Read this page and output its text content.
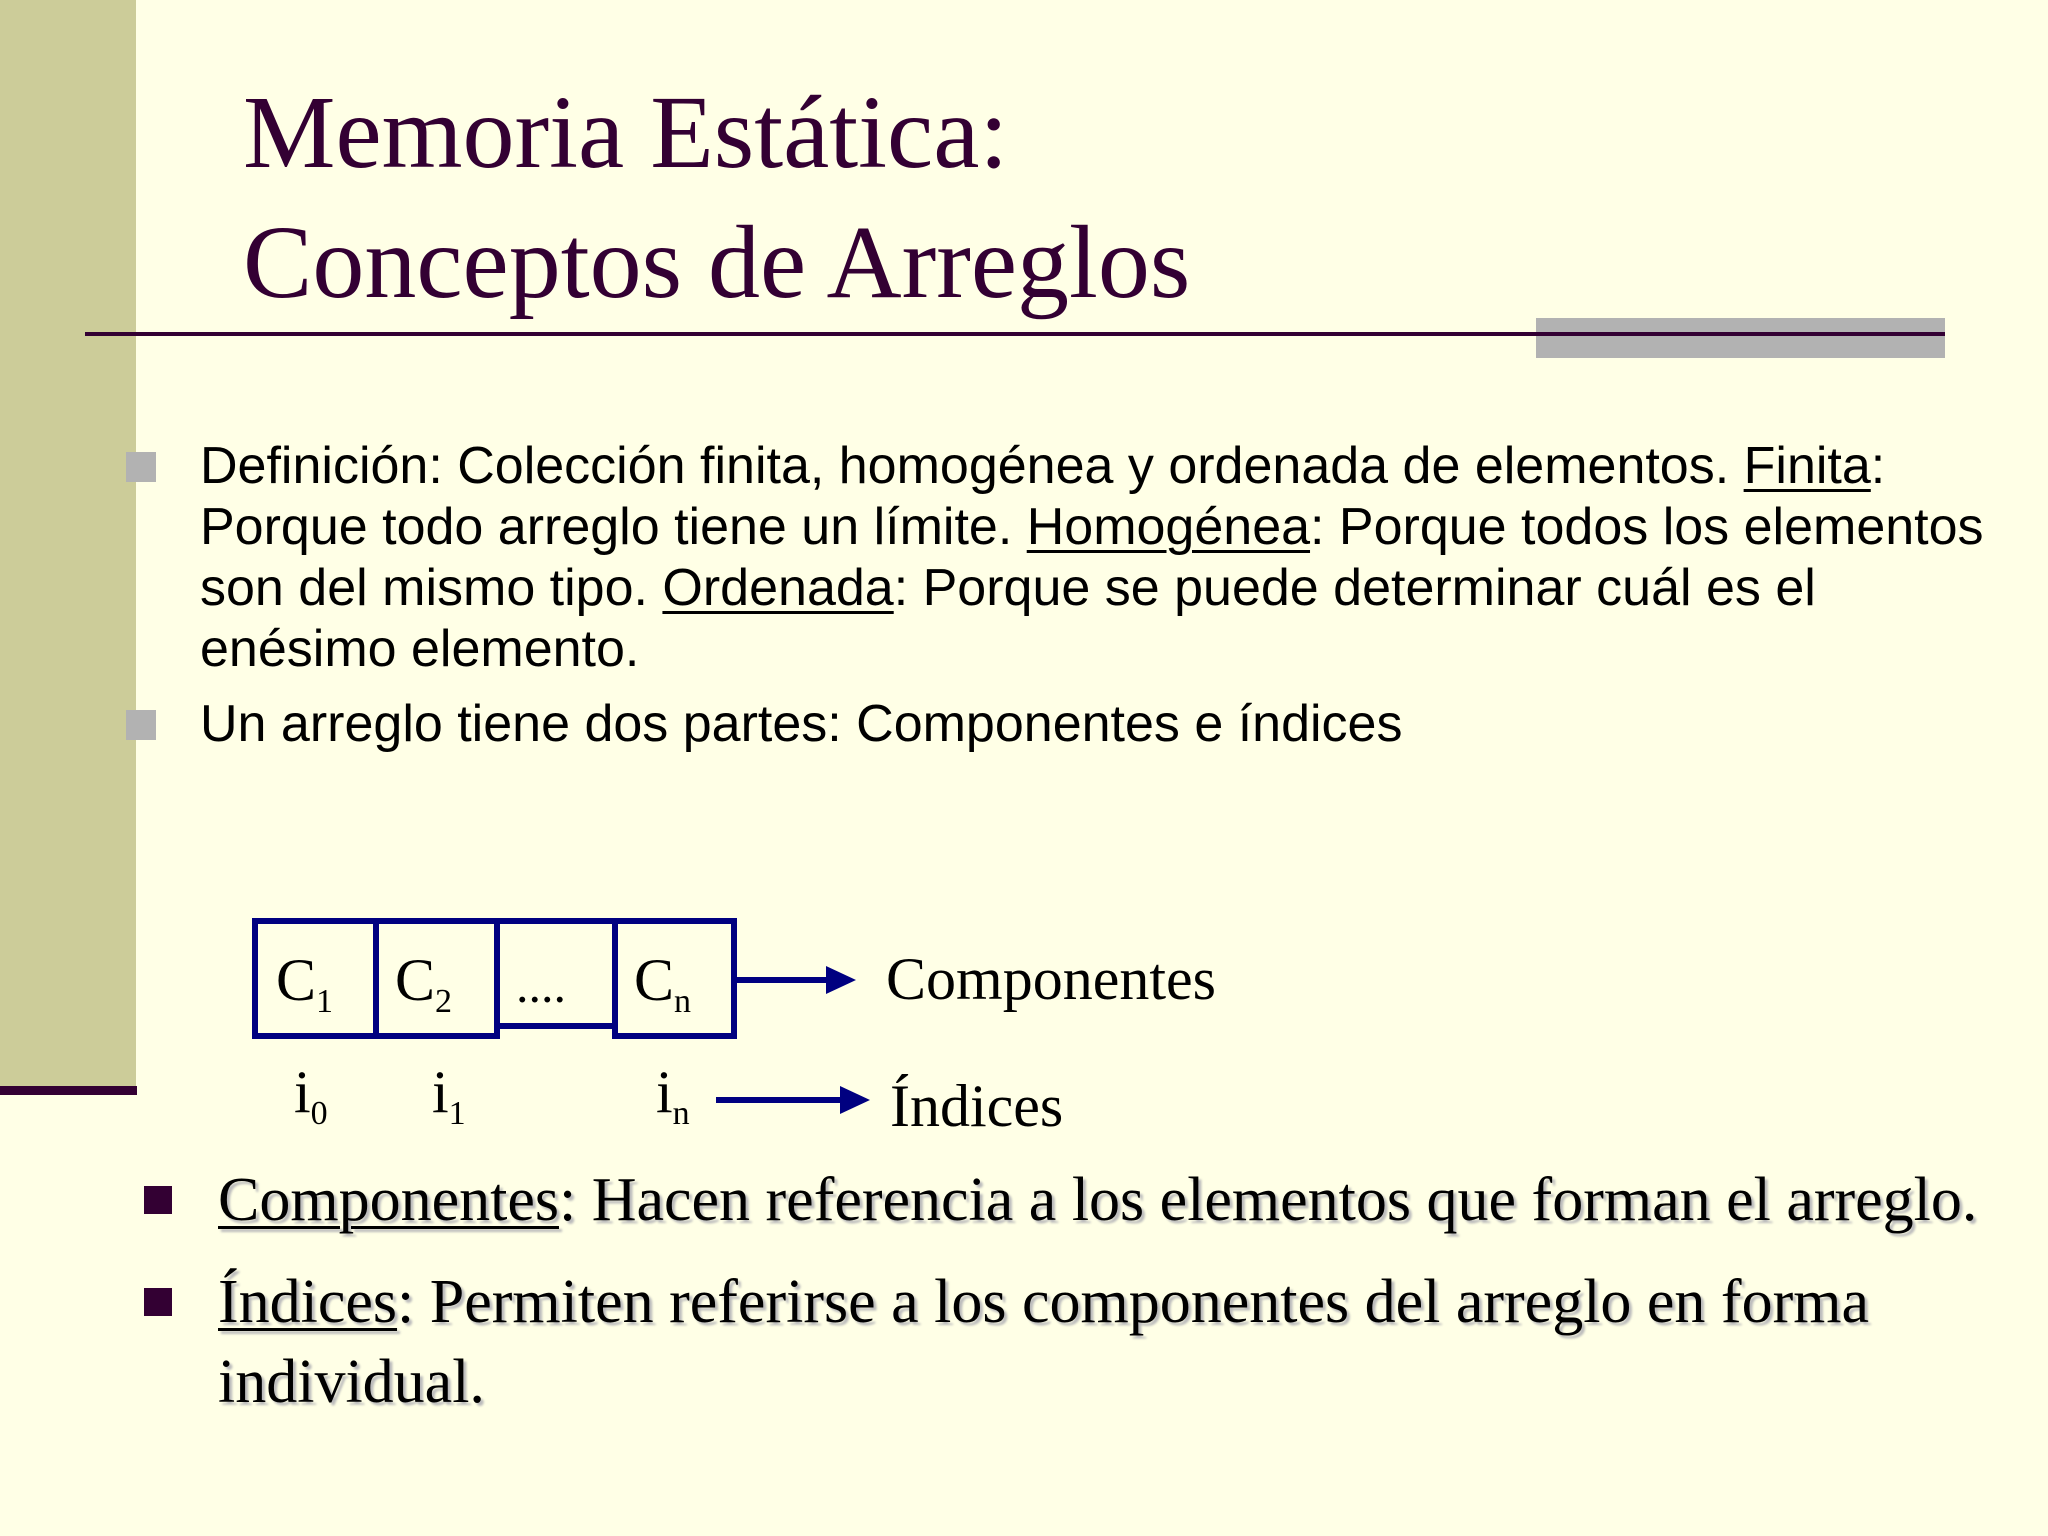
Memoria Estática:
Conceptos de Arreglos
Definición: Colección finita, homogénea y ordenada de elementos. Finita: Porque todo arreglo tiene un límite. Homogénea: Porque todos los elementos son del mismo tipo. Ordenada: Porque se puede determinar cuál es el enésimo elemento.
Un arreglo tiene dos partes: Componentes e índices
$C_1$ $C_2$ .... $C_n$
$i_0$ $i_1$	$i_n$
Componentes
Índices
Componentes: Hacen referencia a los elementos que forman el arreglo.
Índices: Permiten referirse a los componentes del arreglo en forma individual.
